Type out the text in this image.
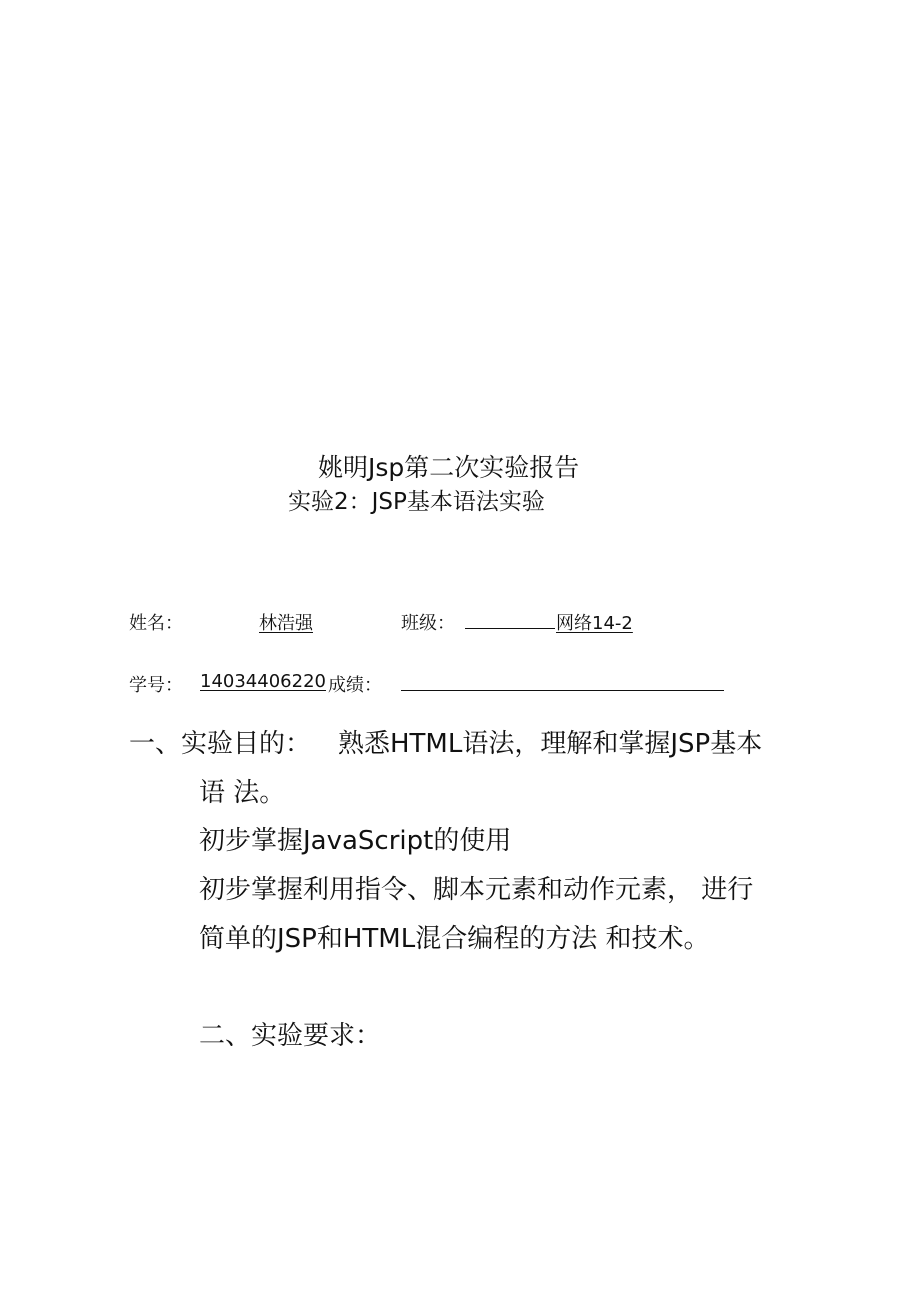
姚明Jsp第二次实验报告
实验2：JSP基本语法实验
姓名：	林浩强	班级：	网络14-2
学号： 14034406220 成绩：
一、实验目的： 熟悉HTML语法，理解和掌握JSP基本
语 法。
初步掌握JavaScript的使用
初步掌握利用指令、脚本元素和动作元素， 进行
简单的JSP和HTML混合编程的方法 和技术。
二、实验要求：
